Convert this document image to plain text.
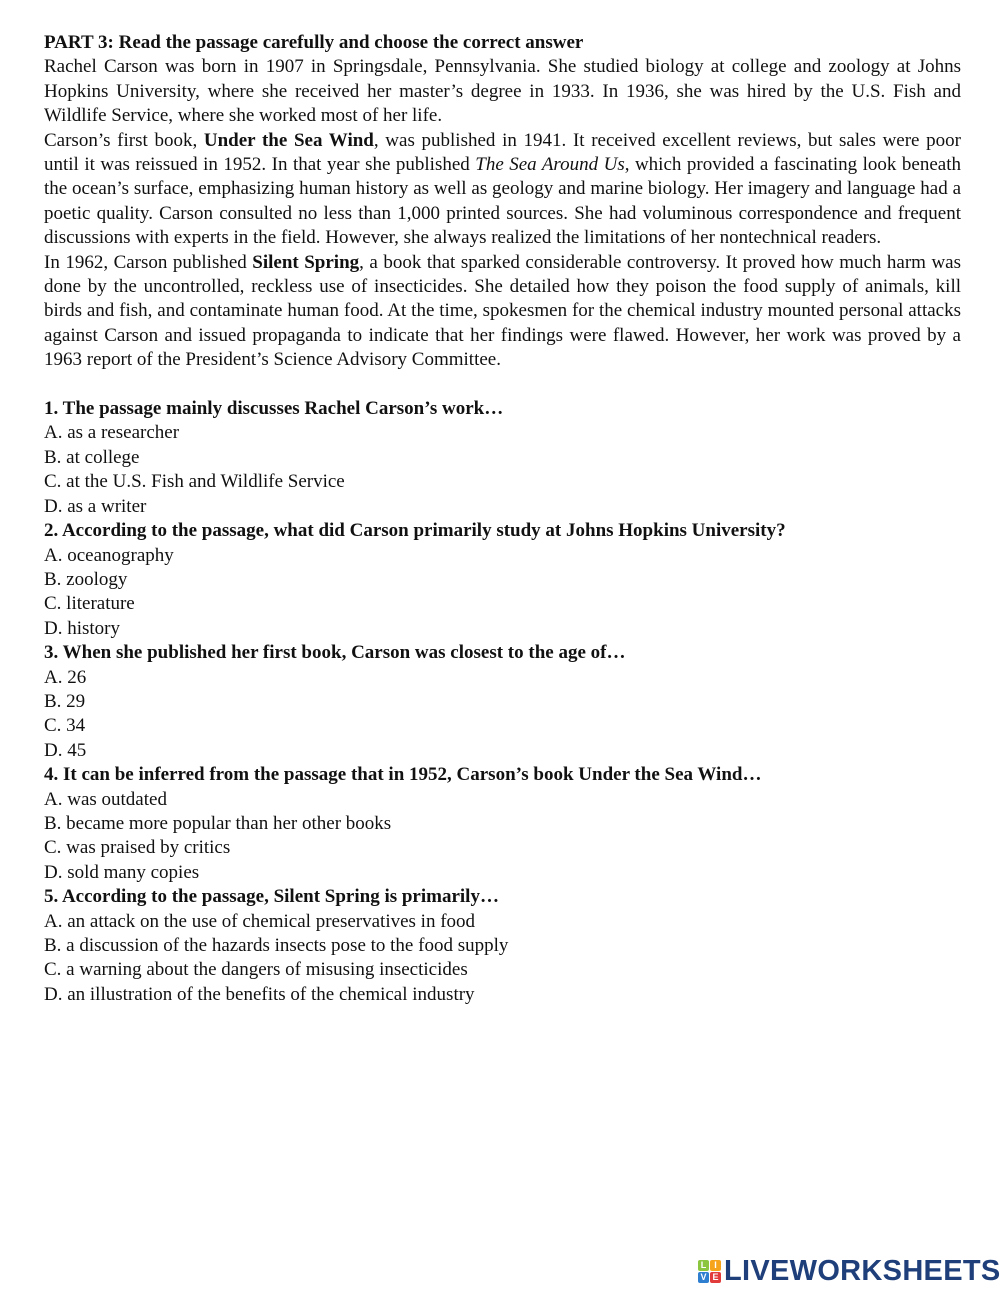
PART 3: Read the passage carefully and choose the correct answer

Rachel Carson was born in 1907 in Springsdale, Pennsylvania. She studied biology at college and zoology at Johns Hopkins University, where she received her master’s degree in 1933. In 1936, she was hired by the U.S. Fish and Wildlife Service, where she worked most of her life.

Carson’s first book, Under the Sea Wind, was published in 1941. It received excellent reviews, but sales were poor until it was reissued in 1952. In that year she published The Sea Around Us, which provided a fascinating look beneath the ocean’s surface, emphasizing human history as well as geology and marine biology. Her imagery and language had a poetic quality. Carson consulted no less than 1,000 printed sources. She had voluminous correspondence and frequent discussions with experts in the field. However, she always realized the limitations of her nontechnical readers.

In 1962, Carson published Silent Spring, a book that sparked considerable controversy. It proved how much harm was done by the uncontrolled, reckless use of insecticides. She detailed how they poison the food supply of animals, kill birds and fish, and contaminate human food. At the time, spokesmen for the chemical industry mounted personal attacks against Carson and issued propaganda to indicate that her findings were flawed. However, her work was proved by a 1963 report of the President’s Science Advisory Committee.

1. The passage mainly discusses Rachel Carson’s work…
A. as a researcher
B. at college
C. at the U.S. Fish and Wildlife Service
D. as a writer
2. According to the passage, what did Carson primarily study at Johns Hopkins University?
A. oceanography
B. zoology
C. literature
D. history
3. When she published her first book, Carson was closest to the age of…
A. 26
B. 29
C. 34
D. 45
4. It can be inferred from the passage that in 1952, Carson’s book Under the Sea Wind…
A. was outdated
B. became more popular than her other books
C. was praised by critics
D. sold many copies
5. According to the passage, Silent Spring is primarily…
A. an attack on the use of chemical preservatives in food
B. a discussion of the hazards insects pose to the food supply
C. a warning about the dangers of misusing insecticides
D. an illustration of the benefits of the chemical industry
L I
V E LIVEWORKSHEETS
